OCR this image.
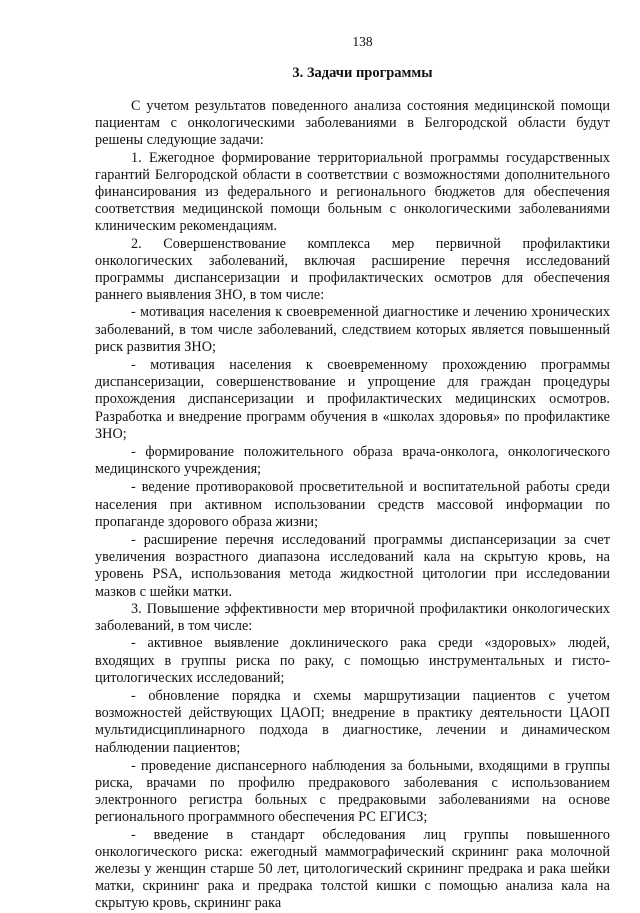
138
3. Задачи программы

С учетом результатов поведенного анализа состояния медицинской помощи пациентам с онкологическими заболеваниями в Белгородской области будут решены следующие задачи:

1. Ежегодное формирование территориальной программы государственных гарантий Белгородской области в соответствии с возможностями дополнительного финансирования из федерального и регионального бюджетов для обеспечения соответствия медицинской помощи больным с онкологическими заболеваниями клиническим рекомендациям.

2. Совершенствование комплекса мер первичной профилактики онкологических заболеваний, включая расширение перечня исследований программы диспансеризации и профилактических осмотров для обеспечения раннего выявления ЗНО, в том числе:

- мотивация населения к своевременной диагностике и лечению хронических заболеваний, в том числе заболеваний, следствием которых является повышенный риск развития ЗНО;

- мотивация населения к своевременному прохождению программы диспансеризации, совершенствование и упрощение для граждан процедуры прохождения диспансеризации и профилактических медицинских осмотров. Разработка и внедрение программ обучения в «школах здоровья» по профилактике ЗНО;

- формирование положительного образа врача-онколога, онкологического медицинского учреждения;

- ведение противораковой просветительной и воспитательной работы среди населения при активном использовании средств массовой информации по пропаганде здорового образа жизни;

- расширение перечня исследований программы диспансеризации за счет увеличения возрастного диапазона исследований кала на скрытую кровь, на уровень PSA, использования метода жидкостной цитологии при исследовании мазков с шейки матки.

3. Повышение эффективности мер вторичной профилактики онкологических заболеваний, в том числе:

- активное выявление доклинического рака среди «здоровых» людей, входящих в группы риска по раку, с помощью инструментальных и гисто-цитологических исследований;

- обновление порядка и схемы маршрутизации пациентов с учетом возможностей действующих ЦАОП; внедрение в практику деятельности ЦАОП мультидисциплинарного подхода в диагностике, лечении и динамическом наблюдении пациентов;

- проведение диспансерного наблюдения за больными, входящими в группы риска, врачами по профилю предракового заболевания с использованием электронного регистра больных с предраковыми заболеваниями на основе регионального программного обеспечения РС ЕГИСЗ;

- введение в стандарт обследования лиц группы повышенного онкологического риска: ежегодный маммографический скрининг рака молочной железы у женщин старше 50 лет, цитологический скрининг предрака и рака шейки матки, скрининг рака и предрака толстой кишки с помощью анализа кала на скрытую кровь, скрининг рака
